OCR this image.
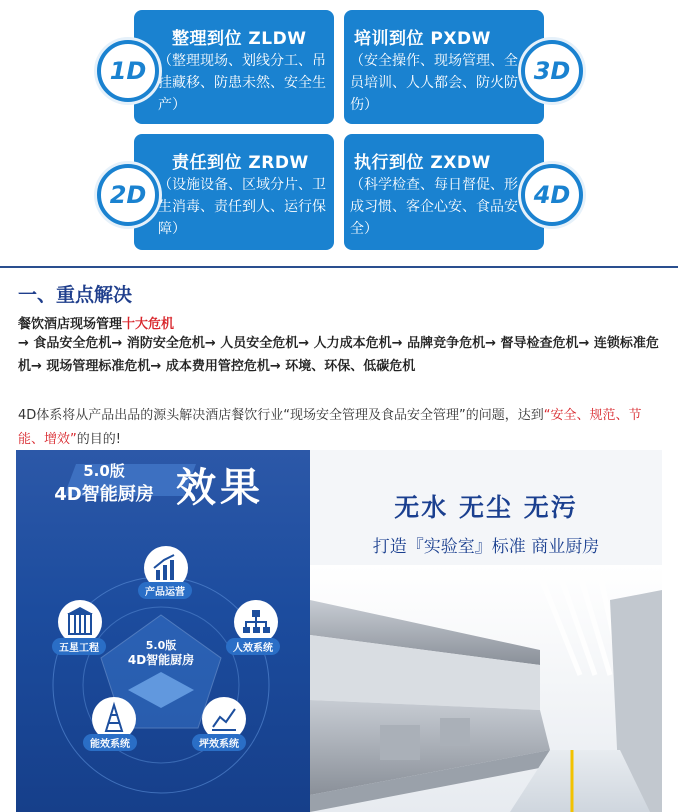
整理到位 ZLDW
（整理现场、划线分工、吊挂藏移、防患未然、安全生产）
1D
培训到位 PXDW
（安全操作、现场管理、全员培训、人人都会、防火防伤）
3D
责任到位 ZRDW
（设施设备、区域分片、卫生消毒、责任到人、运行保障）
2D
执行到位 ZXDW
（科学检查、每日督促、形成习惯、客企心安、食品安全）
4D
一、重点解决
餐饮酒店现场管理十大危机
→ 食品安全危机→ 消防安全危机→ 人员安全危机→ 人力成本危机→ 品牌竞争危机→ 督导检查危机→ 连锁标准危机→ 现场管理标准危机→ 成本费用管控危机→ 环境、环保、低碳危机
4D体系将从产品出品的源头解决酒店餐饮行业“现场安全管理及食品安全管理”的问题，达到“安全、规范、节能、增效”的目的!
5.0版
4D智能厨房 效果
5.0版
4D智能厨房
产品运营
人效系统
坪效系统
能效系统
五星工程
无水 无尘 无污
打造『实验室』标准 商业厨房
